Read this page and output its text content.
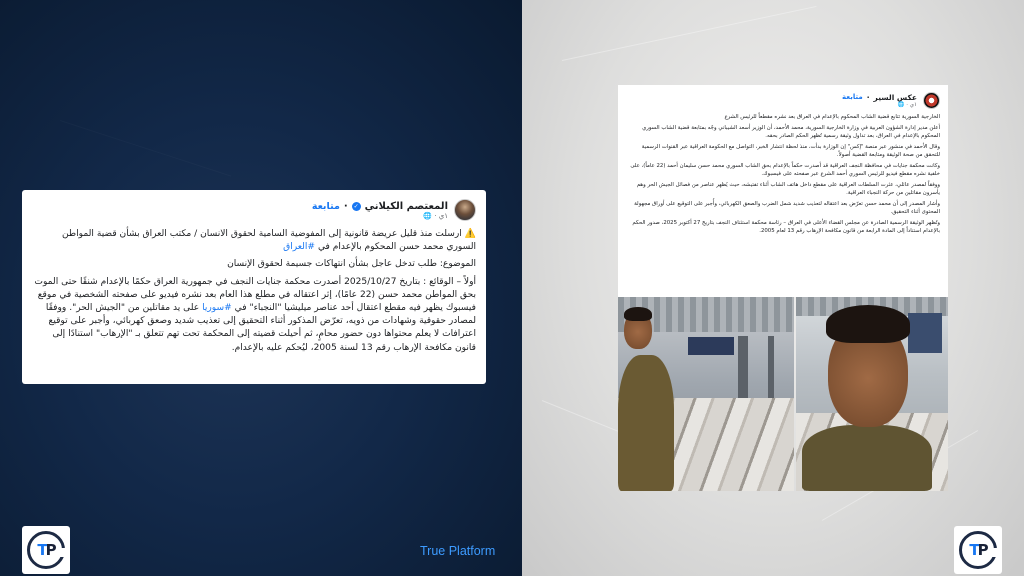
المعتصم الكيلاني
✓
·
متابعة
١ي · 🌐

⚠️ ارسلت منذ قليل عريضة قانونية إلى المفوضية السامية لحقوق الانسان / مكتب العراق بشأن قضية المواطن السوري محمد حسن المحكوم بالإعدام في #العراق

الموضوع: طلب تدخل عاجل بشأن انتهاكات جسيمة لحقوق الإنسان

أولاً – الوقائع : بتاريخ 2025/10/27 أصدرت محكمة جنايات النجف في جمهورية العراق حكمًا بالإعدام شنقًا حتى الموت بحق المواطن محمد حسن (22 عامًا)، إثر اعتقاله في مطلع هذا العام بعد نشره فيديو على صفحته الشخصية في موقع فيسبوك يظهر فيه مقطع اعتقال أحد عناصر ميليشيا "النجباء" في #سوريا على يد مقاتلين من "الجيش الحر". ووفقًا لمصادر حقوقية وشهادات من ذويه، تعرّض المذكور أثناء التحقيق إلى تعذيب شديد وصعق كهربائي، وأجبر على توقيع اعترافات لا يعلم محتواها دون حضور محامٍ، ثم أحيلت قضيته إلى المحكمة تحت تهم تتعلق بـ "الإرهاب" استنادًا إلى قانون مكافحة الإرهاب رقم 13 لسنة 2005، ليُحكم عليه بالإعدام.

عكس السير
·
متابعة
١ي · 🌐

الخارجية السورية تتابع قضية الشاب المحكوم بالإعدام في العراق بعد نشره مقطعاً للرئيس الشرع

أعلن مدير إدارة الشؤون العربية في وزارة الخارجية السورية، محمد الأحمد، أن الوزير أسعد الشيباني وجّه بمتابعة قضية الشاب السوري المحكوم بالإعدام في العراق، بعد تداول وثيقة رسمية تُظهر الحكم الصادر بحقه.

وقال الأحمد في منشور عبر منصة "إكس" إن الوزارة بدأت، منذ لحظة انتشار الخبر، التواصل مع الحكومة العراقية عبر القنوات الرسمية للتحقق من صحة الوثيقة ومتابعة القضية أصولاً.

وكانت محكمة جنايات في محافظة النجف العراقية قد أصدرت حكماً بالإعدام بحق الشاب السوري محمد حسن سليمان أحمد (22 عاماً)، على خلفية نشره مقطع فيديو للرئيس السوري أحمد الشرع عبر صفحته على فيسبوك.

ووفقاً لمصدر عائلي، عثرت السلطات العراقية على مقطع داخل هاتف الشاب أثناء تفتيشه، حيث يُظهر عناصر من فصائل الجيش الحر وهم يأسرون مقاتلين من حركة النجباء العراقية.

وأشار المصدر إلى أن محمد حسن تعرّض بعد اعتقاله لتعذيب شديد شمل الضرب والصعق الكهربائي، وأُجبر على التوقيع على أوراق مجهولة المحتوى أثناء التحقيق.

وتُظهر الوثيقة الرسمية الصادرة عن مجلس القضاء الأعلى في العراق – رئاسة محكمة استئناف النجف بتاريخ 27 أكتوبر 2025، صدور الحكم بالإعدام استناداً إلى المادة الرابعة من قانون مكافحة الإرهاب رقم 13 لعام 2005.

TP	TP
True Platform
